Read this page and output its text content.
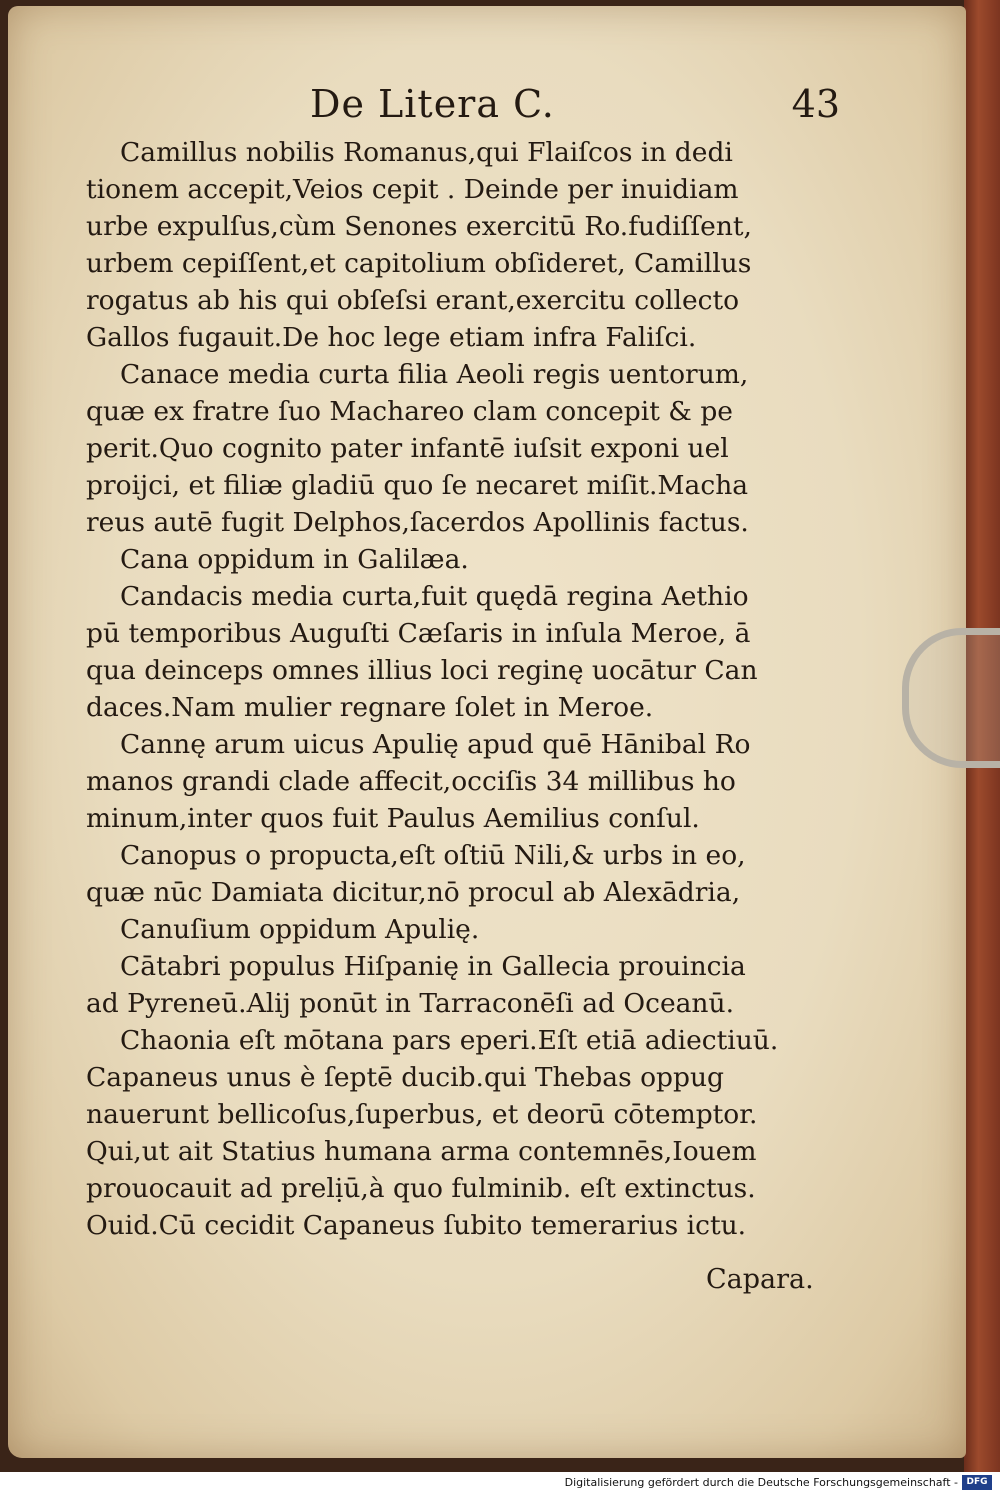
De Litera C.	43
Camillus nobilis Romanus,qui Flaiſcos in dedi
tionem accepit,Veios cepit . Deinde per inuidiam
urbe expulſus,cùm Senones exercitū Ro.fudiſſent,
urbem cepiſſent,et capitolium obſideret, Camillus
rogatus ab his qui obſeſsi erant,exercitu collecto
Gallos fugauit.De hoc lege etiam infra Faliſci.
Canace media curta filia Aeoli regis uentorum,
quæ ex fratre ſuo Machareo clam concepit & pe
perit.Quo cognito pater infantē iuſsit exponi uel
proijci, et filiæ gladiū quo ſe necaret miſit.Macha
reus autē fugit Delphos,ſacerdos Apollinis factus.
Cana oppidum in Galilæa.
Candacis media curta,fuit quędā regina Aethio
pū temporibus Auguſti Cæſaris in inſula Meroe, ā
qua deinceps omnes illius loci reginę uocātur Can
daces.Nam mulier regnare ſolet in Meroe.
Cannę arum uicus Apulię apud quē Hānibal Ro
manos grandi clade affecit,occiſis 34 millibus ho
minum,inter quos fuit Paulus Aemilius conſul.
Canopus o propucta,eſt oſtiū Nili,& urbs in eo,
quæ nūc Damiata dicitur,nō procul ab Alexādria,
Canuſium oppidum Apulię.
Cātabri populus Hiſpanię in Gallecia prouincia
ad Pyreneū.Alij ponūt in Tarraconēſi ad Oceanū.
Chaonia eſt mōtana pars eperi.Eſt etiā adiectiuū.
Capaneus unus è ſeptē ducib.qui Thebas oppug
nauerunt bellicoſus,ſuperbus, et deorū cōtemptor.
Qui,ut ait Statius humana arma contemnēs,Iouem
prouocauit ad prelịū,à quo fulminib. eſt extinctus.
Ouid.Cū cecidit Capaneus ſubito temerarius ictu.
Capara.
Digitalisierung gefördert durch die Deutsche Forschungsgemeinschaft - DFG
